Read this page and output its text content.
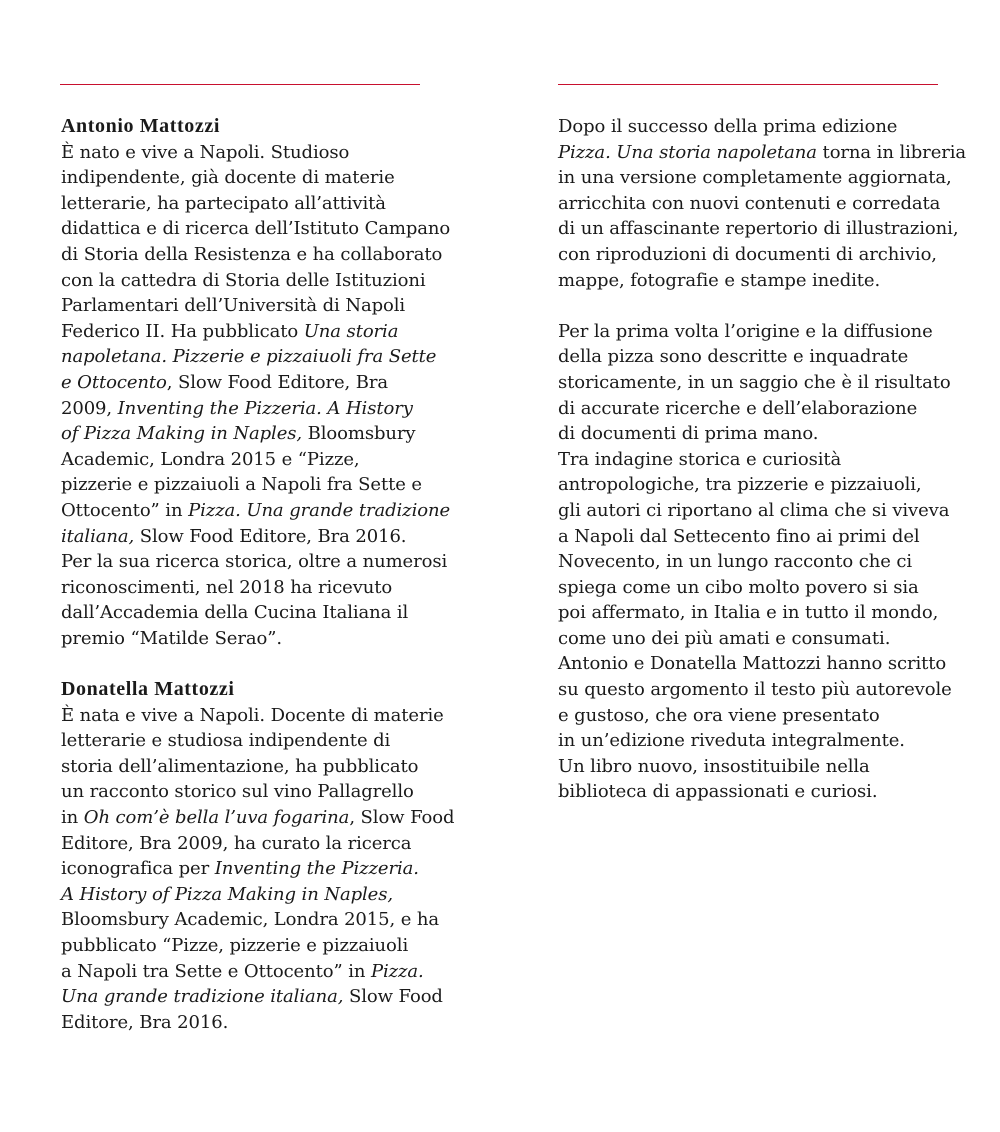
Antonio Mattozzi
È nato e vive a Napoli. Studioso
indipendente, già docente di materie
letterarie, ha partecipato all’attività
didattica e di ricerca dell’Istituto Campano
di Storia della Resistenza e ha collaborato
con la cattedra di Storia delle Istituzioni
Parlamentari dell’Università di Napoli
Federico II. Ha pubblicato Una storia
napoletana. Pizzerie e pizzaiuoli fra Sette
e Ottocento, Slow Food Editore, Bra
2009, Inventing the Pizzeria. A History
of Pizza Making in Naples, Bloomsbury
Academic, Londra 2015 e “Pizze,
pizzerie e pizzaiuoli a Napoli fra Sette e
Ottocento” in Pizza. Una grande tradizione
italiana, Slow Food Editore, Bra 2016.
Per la sua ricerca storica, oltre a numerosi
riconoscimenti, nel 2018 ha ricevuto
dall’Accademia della Cucina Italiana il
premio “Matilde Serao”.
Donatella Mattozzi
È nata e vive a Napoli. Docente di materie
letterarie e studiosa indipendente di
storia dell’alimentazione, ha pubblicato
un racconto storico sul vino Pallagrello
in Oh com’è bella l’uva fogarina, Slow Food
Editore, Bra 2009, ha curato la ricerca
iconografica per Inventing the Pizzeria.
A History of Pizza Making in Naples,
Bloomsbury Academic, Londra 2015, e ha
pubblicato “Pizze, pizzerie e pizzaiuoli
a Napoli tra Sette e Ottocento” in Pizza.
Una grande tradizione italiana, Slow Food
Editore, Bra 2016.
Dopo il successo della prima edizione
Pizza. Una storia napoletana torna in libreria
in una versione completamente aggiornata,
arricchita con nuovi contenuti e corredata
di un affascinante repertorio di illustrazioni,
con riproduzioni di documenti di archivio,
mappe, fotografie e stampe inedite.
Per la prima volta l’origine e la diffusione
della pizza sono descritte e inquadrate
storicamente, in un saggio che è il risultato
di accurate ricerche e dell’elaborazione
di documenti di prima mano.
Tra indagine storica e curiosità
antropologiche, tra pizzerie e pizzaiuoli,
gli autori ci riportano al clima che si viveva
a Napoli dal Settecento fino ai primi del
Novecento, in un lungo racconto che ci
spiega come un cibo molto povero si sia
poi affermato, in Italia e in tutto il mondo,
come uno dei più amati e consumati.
Antonio e Donatella Mattozzi hanno scritto
su questo argomento il testo più autorevole
e gustoso, che ora viene presentato
in un’edizione riveduta integralmente.
Un libro nuovo, insostituibile nella
biblioteca di appassionati e curiosi.
